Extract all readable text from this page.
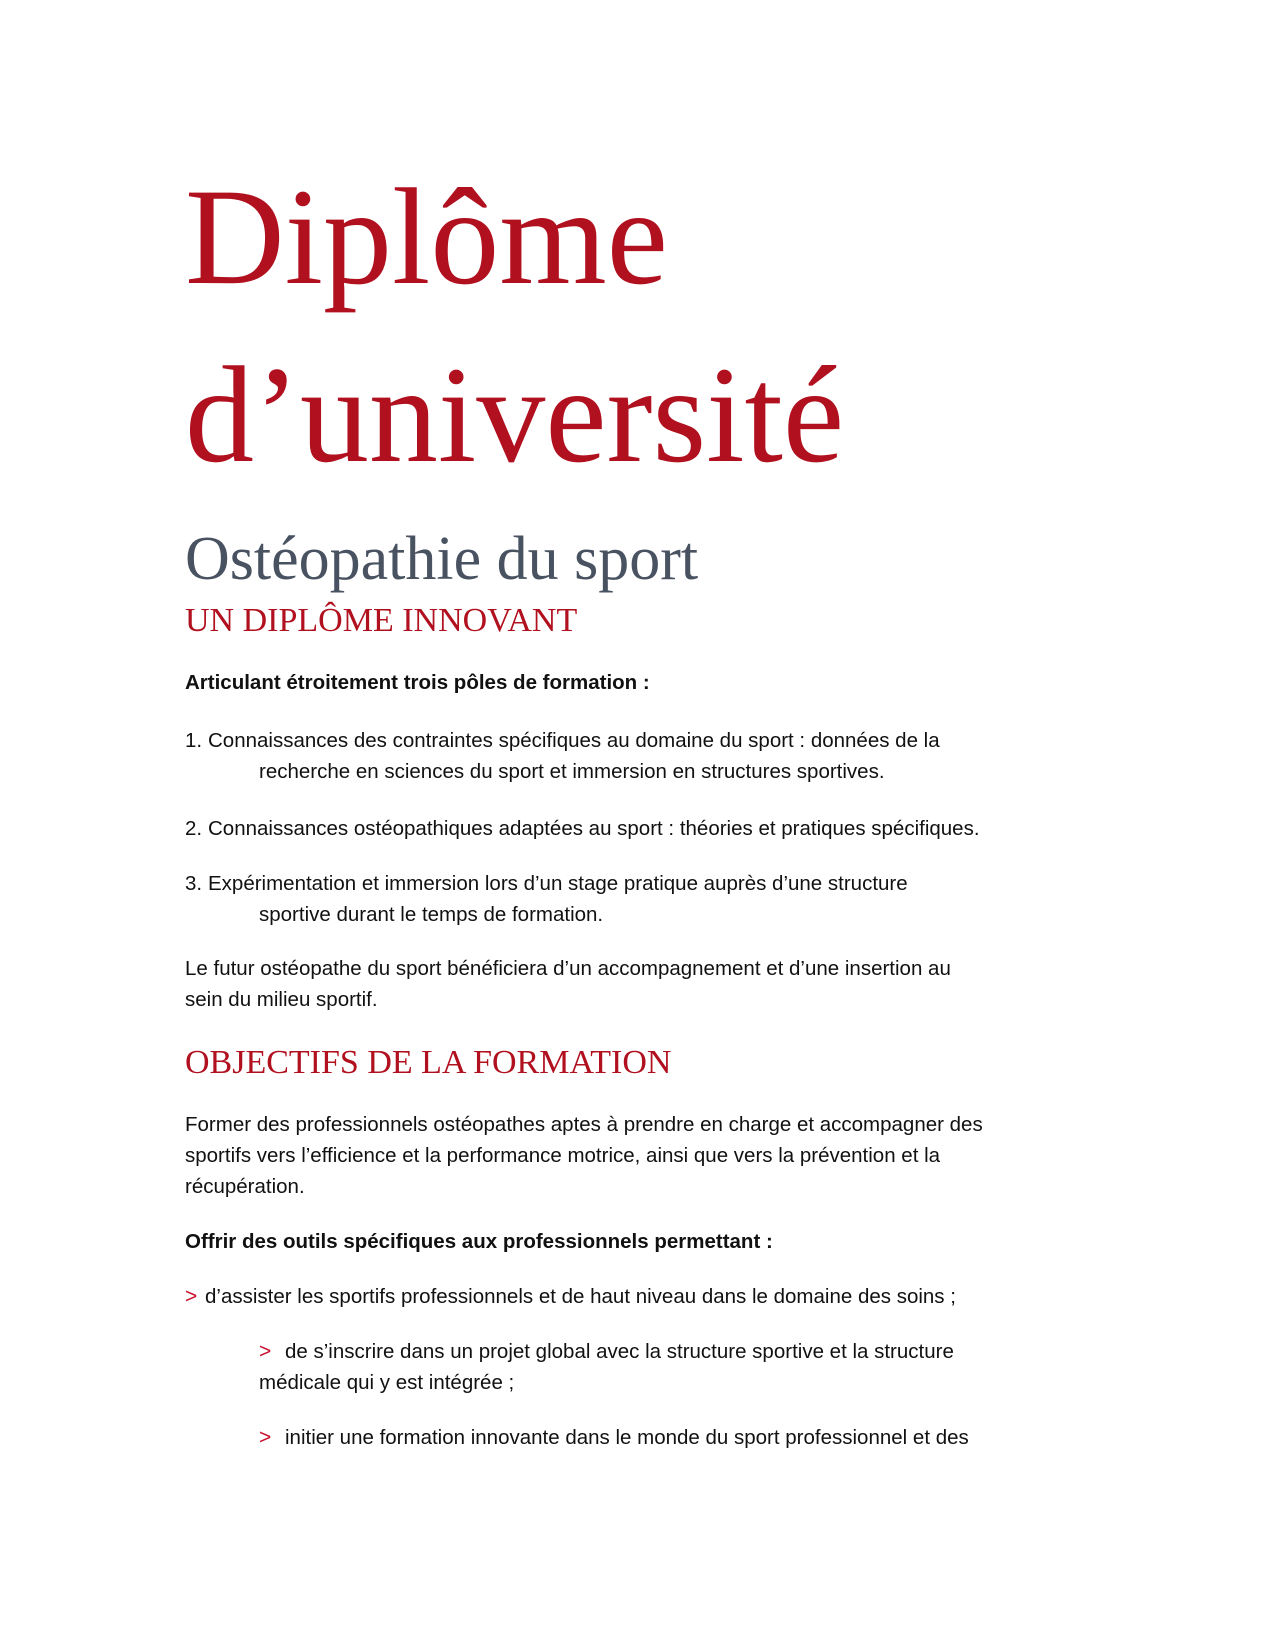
Diplôme
d’université
Ostéopathie du sport
UN DIPLÔME INNOVANT

Articulant étroitement trois pôles de formation :

1. Connaissances des contraintes spécifiques au domaine du sport : données de la

recherche en sciences du sport et immersion en structures sportives.

2. Connaissances ostéopathiques adaptées au sport : théories et pratiques spécifiques.

3. Expérimentation et immersion lors d’un stage pratique auprès d’une structure

sportive durant le temps de formation.

Le futur ostéopathe du sport bénéficiera d’un accompagnement et d’une insertion au

sein du milieu sportif.

OBJECTIFS DE LA FORMATION

Former des professionnels ostéopathes aptes à prendre en charge et accompagner des

sportifs vers l’efficience et la performance motrice, ainsi que vers la prévention et la

récupération.

Offrir des outils spécifiques aux professionnels permettant :

> d’assister les sportifs professionnels et de haut niveau dans le domaine des soins ;

> de s’inscrire dans un projet global avec la structure sportive et la structure

médicale qui y est intégrée ;

> initier une formation innovante dans le monde du sport professionnel et des
